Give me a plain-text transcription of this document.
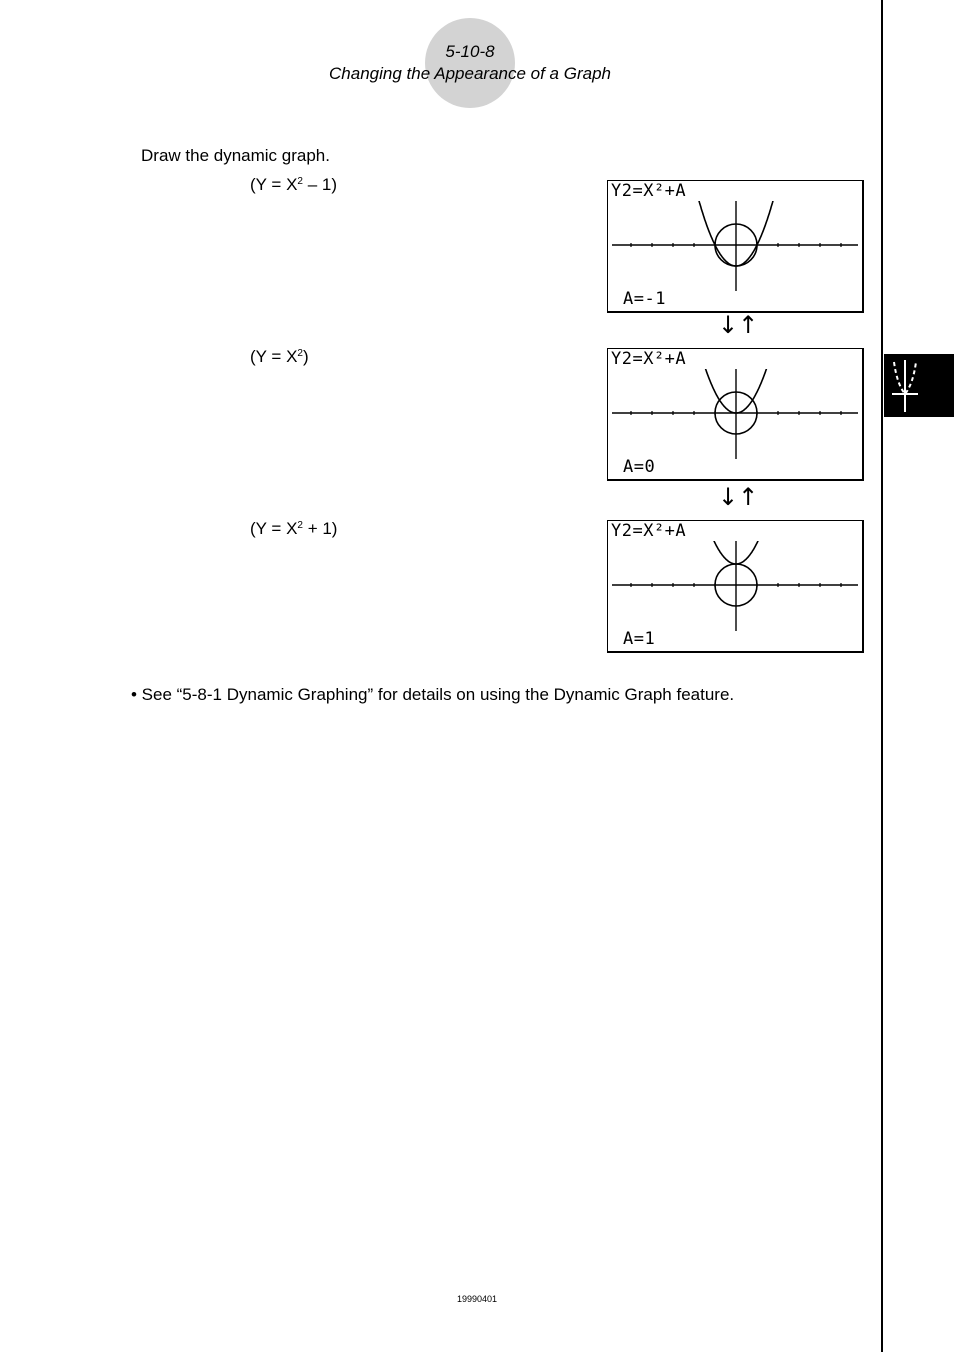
5-10-8
Changing the Appearance of a Graph
Draw the dynamic graph.
$(Y = X^2 - 1)$
$(Y = X^2)$
$(Y = X^2 + 1)$
Y2=X²+A
A=-1
↓↑
Y2=X²+A
A=0
↓↑
Y2=X²+A
A=1
• See “5-8-1 Dynamic Graphing” for details on using the Dynamic Graph feature.
19990401
